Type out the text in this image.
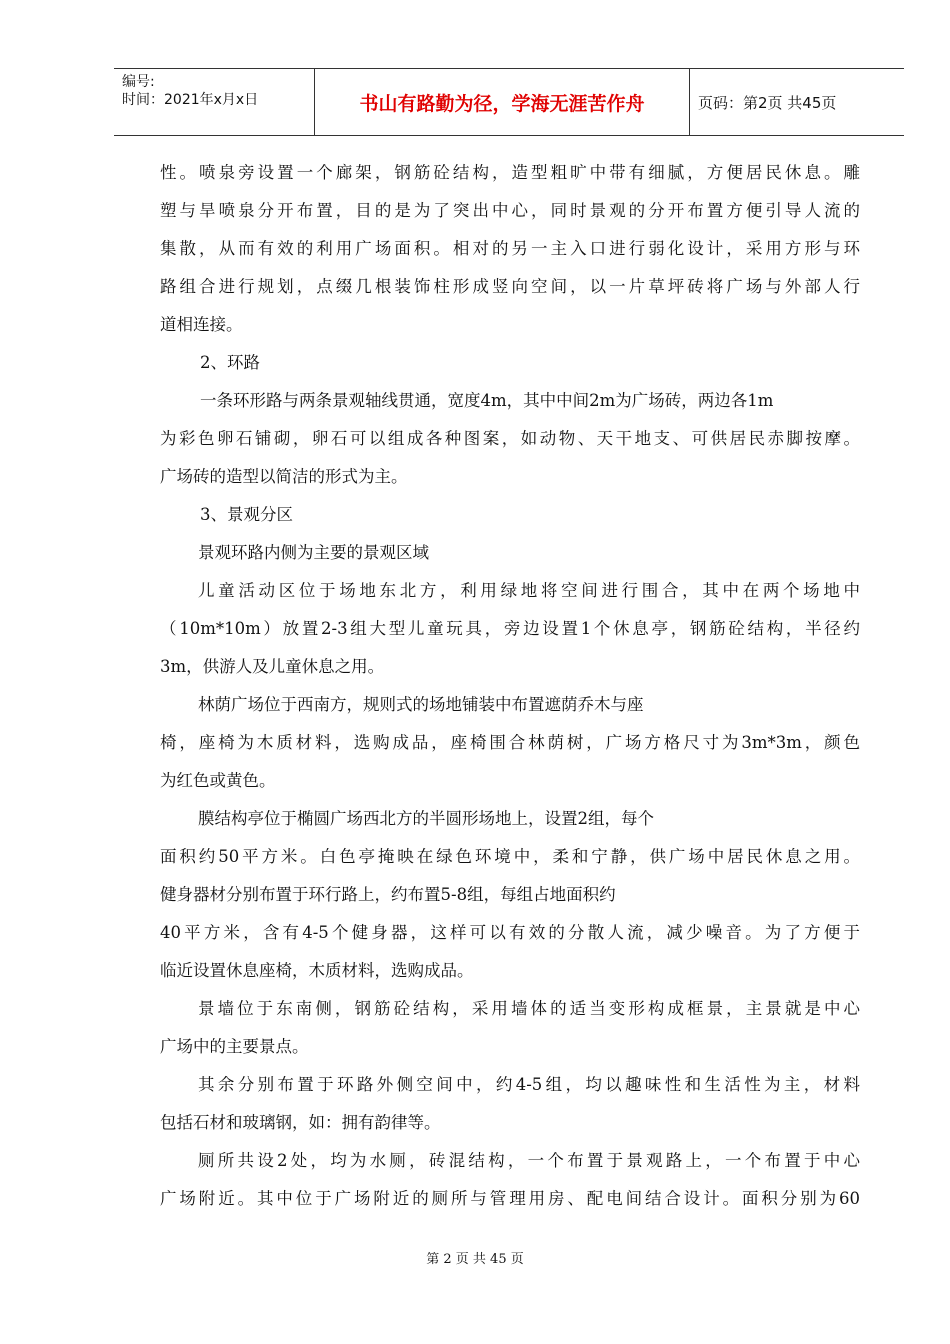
编号:
时间：2021年x月x日	书山有路勤为径，学海无涯苦作舟	页码：第2页 共45页

性。喷泉旁设置一个廊架，钢筋砼结构，造型粗旷中带有细腻，方便居民休息。雕

塑与旱喷泉分开布置，目的是为了突出中心，同时景观的分开布置方便引导人流的

集散，从而有效的利用广场面积。相对的另一主入口进行弱化设计，采用方形与环

路组合进行规划，点缀几根装饰柱形成竖向空间，以一片草坪砖将广场与外部人行

道相连接。

2、环路

一条环形路与两条景观轴线贯通，宽度4m，其中中间2m为广场砖，两边各1m

为彩色卵石铺砌，卵石可以组成各种图案，如动物、天干地支、可供居民赤脚按摩。

广场砖的造型以简洁的形式为主。

3、景观分区

景观环路内侧为主要的景观区域

儿童活动区位于场地东北方，利用绿地将空间进行围合，其中在两个场地中

（10m*10m）放置2-3组大型儿童玩具，旁边设置1个休息亭，钢筋砼结构，半径约

3m，供游人及儿童休息之用。

林荫广场位于西南方，规则式的场地铺装中布置遮荫乔木与座

椅，座椅为木质材料，选购成品，座椅围合林荫树，广场方格尺寸为3m*3m，颜色

为红色或黄色。

膜结构亭位于椭圆广场西北方的半圆形场地上，设置2组，每个

面积约50平方米。白色亭掩映在绿色环境中，柔和宁静，供广场中居民休息之用。

健身器材分别布置于环行路上，约布置5-8组，每组占地面积约

40平方米，含有4-5个健身器，这样可以有效的分散人流，减少噪音。为了方便于

临近设置休息座椅，木质材料，选购成品。

景墙位于东南侧，钢筋砼结构，采用墙体的适当变形构成框景，主景就是中心

广场中的主要景点。

其余分别布置于环路外侧空间中，约4-5组，均以趣味性和生活性为主，材料

包括石材和玻璃钢，如：拥有韵律等。

厕所共设2处，均为水厕，砖混结构，一个布置于景观路上，一个布置于中心

广场附近。其中位于广场附近的厕所与管理用房、配电间结合设计。面积分别为60

第 2 页 共 45 页
